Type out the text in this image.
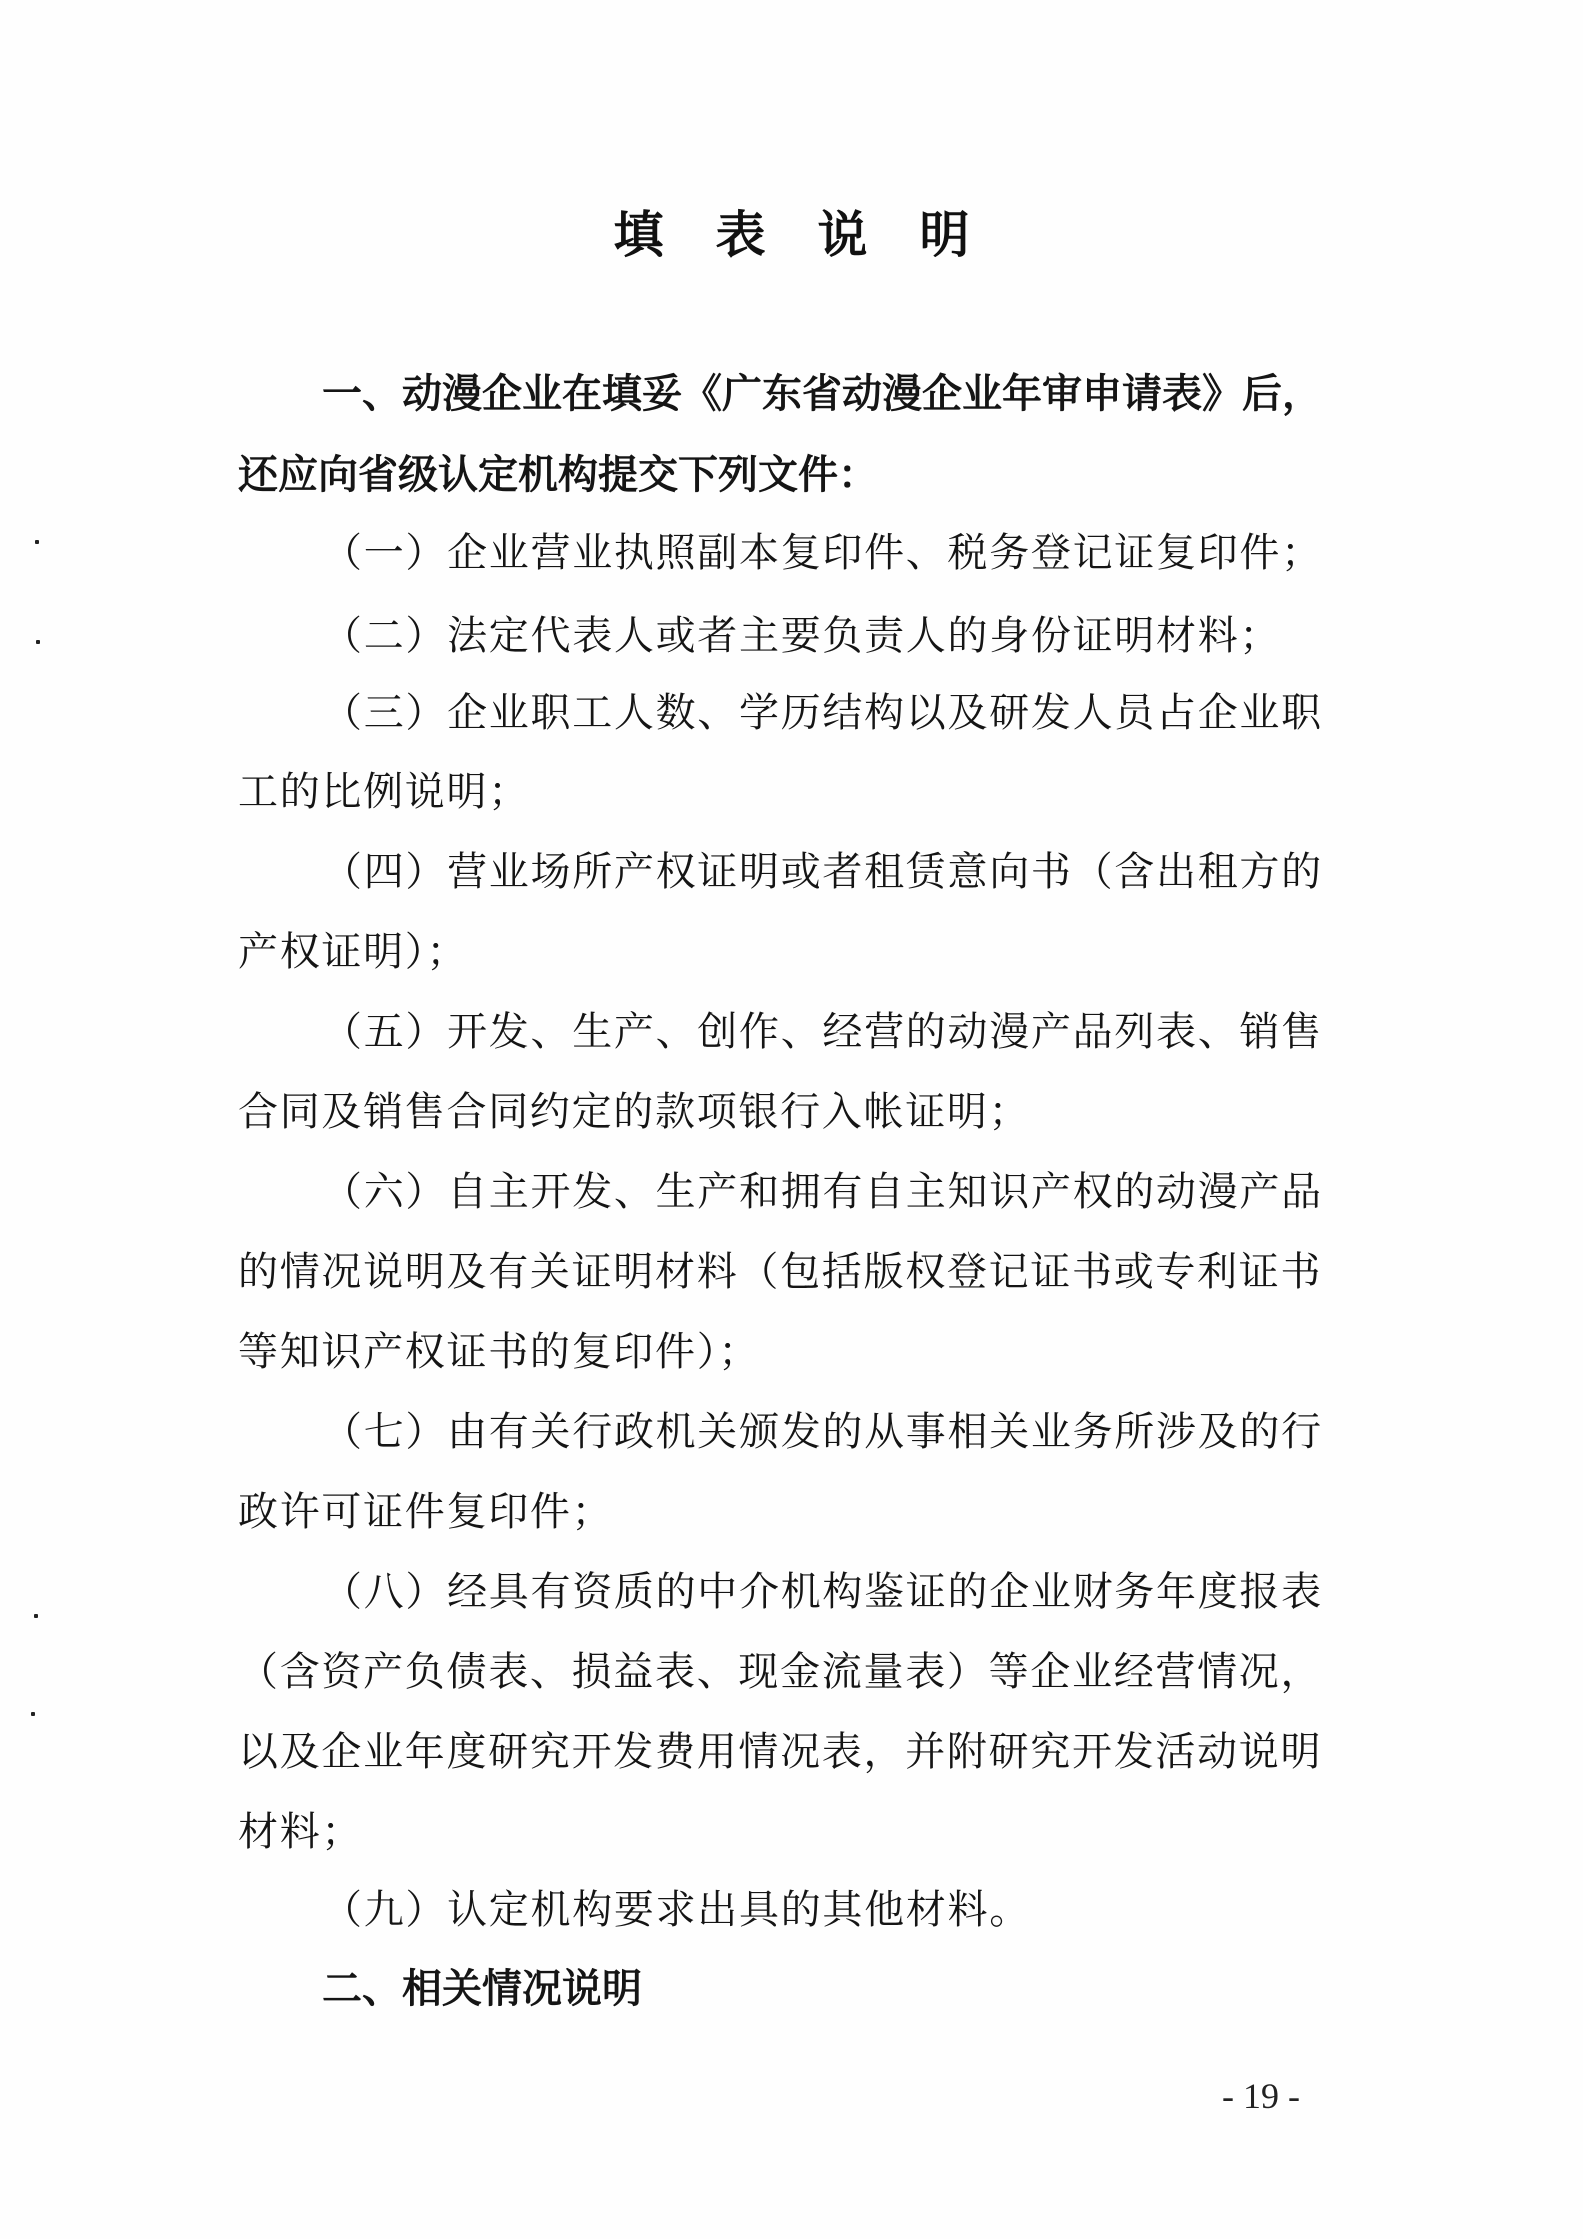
填 表 说 明
一、动漫企业在填妥《广东省动漫企业年审申请表》后，
还应向省级认定机构提交下列文件：
（一）企业营业执照副本复印件、税务登记证复印件；
（二）法定代表人或者主要负责人的身份证明材料；
（三）企业职工人数、学历结构以及研发人员占企业职
工的比例说明；
（四）营业场所产权证明或者租赁意向书（含出租方的
产权证明）；
（五）开发、生产、创作、经营的动漫产品列表、销售
合同及销售合同约定的款项银行入帐证明；
（六）自主开发、生产和拥有自主知识产权的动漫产品
的情况说明及有关证明材料（包括版权登记证书或专利证书
等知识产权证书的复印件）；
（七）由有关行政机关颁发的从事相关业务所涉及的行
政许可证件复印件；
（八）经具有资质的中介机构鉴证的企业财务年度报表
（含资产负债表、损益表、现金流量表）等企业经营情况，
以及企业年度研究开发费用情况表，并附研究开发活动说明
材料；
（九）认定机构要求出具的其他材料。
二、相关情况说明
- 19 -
